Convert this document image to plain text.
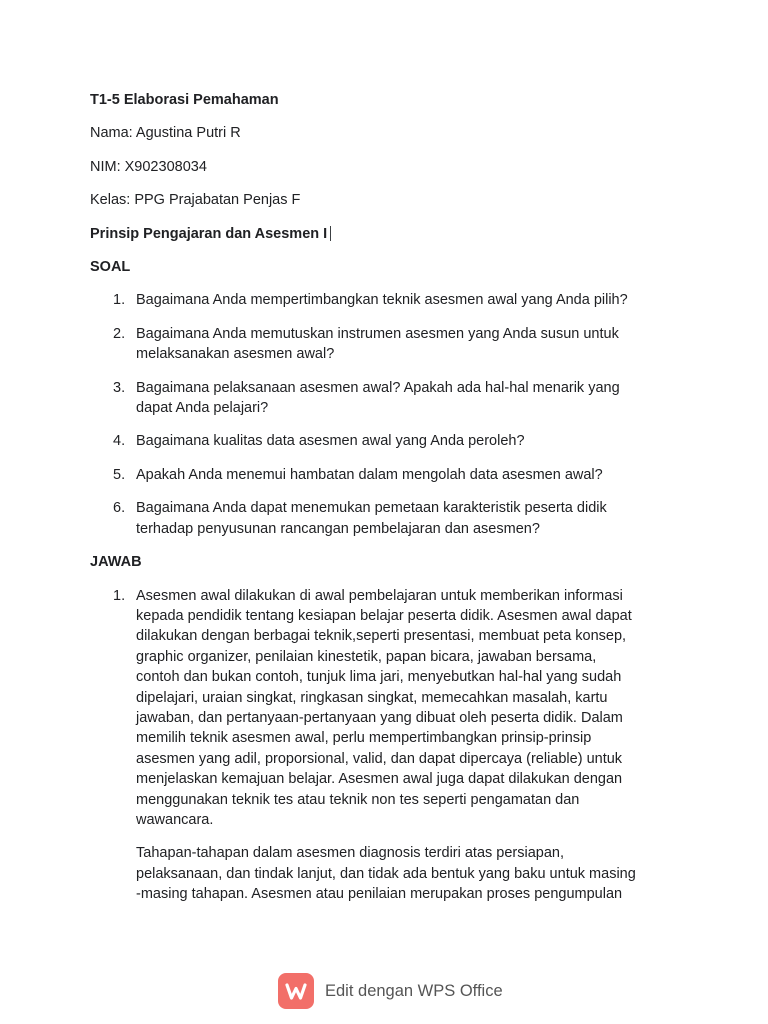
T1-5 Elaborasi Pemahaman

Nama: Agustina Putri R

NIM: X902308034

Kelas: PPG Prajabatan Penjas F

Prinsip Pengajaran dan Asesmen I

SOAL

1. Bagaimana Anda mempertimbangkan teknik asesmen awal yang Anda pilih?
2. Bagaimana Anda memutuskan instrumen asesmen yang Anda susun untuk
melaksanakan asesmen awal?
3. Bagaimana pelaksanaan asesmen awal? Apakah ada hal-hal menarik yang
dapat Anda pelajari?
4. Bagaimana kualitas data asesmen awal yang Anda peroleh?
5. Apakah Anda menemui hambatan dalam mengolah data asesmen awal?
6. Bagaimana Anda dapat menemukan pemetaan karakteristik peserta didik
terhadap penyusunan rancangan pembelajaran dan asesmen?

JAWAB

1. Asesmen awal dilakukan di awal pembelajaran untuk memberikan informasi
kepada pendidik tentang kesiapan belajar peserta didik. Asesmen awal dapat
dilakukan dengan berbagai teknik,seperti presentasi, membuat peta konsep,
graphic organizer, penilaian kinestetik, papan bicara, jawaban bersama,
contoh dan bukan contoh, tunjuk lima jari, menyebutkan hal-hal yang sudah
dipelajari, uraian singkat, ringkasan singkat, memecahkan masalah, kartu
jawaban, dan pertanyaan-pertanyaan yang dibuat oleh peserta didik. Dalam
memilih teknik asesmen awal, perlu mempertimbangkan prinsip-prinsip
asesmen yang adil, proporsional, valid, dan dapat dipercaya (reliable) untuk
menjelaskan kemajuan belajar. Asesmen awal juga dapat dilakukan dengan
menggunakan teknik tes atau teknik non tes seperti pengamatan dan
wawancara.
Tahapan-tahapan dalam asesmen diagnosis terdiri atas persiapan,
pelaksanaan, dan tindak lanjut, dan tidak ada bentuk yang baku untuk masing
-masing tahapan. Asesmen atau penilaian merupakan proses pengumpulan
Edit dengan WPS Office
